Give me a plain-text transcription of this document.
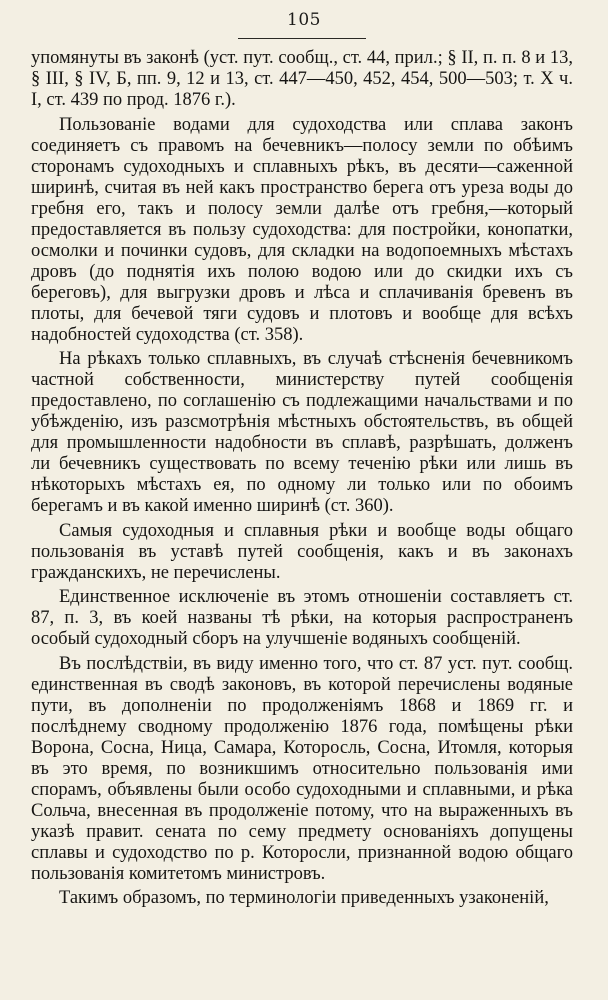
105

упомянуты въ законѣ (уст. пут. сообщ., ст. 44, прил.; § II, п. п. 8 и 13, § III, § IV, Б, пп. 9, 12 и 13, ст. 447—450, 452, 454, 500—503; т. X ч. I, ст. 439 по прод. 1876 г.).

Пользованіе водами для судоходства или сплава законъ соединяетъ съ правомъ на бечевникъ—полосу земли по обѣимъ сторонамъ судоходныхъ и сплавныхъ рѣкъ, въ десяти—саженной ширинѣ, считая въ ней какъ пространство берега отъ уреза воды до гребня его, такъ и полосу земли далѣе отъ гребня,—который предоставляется въ пользу судоходства: для постройки, конопатки, осмолки и починки судовъ, для складки на водопоемныхъ мѣстахъ дровъ (до поднятія ихъ полою водою или до скидки ихъ съ береговъ), для выгрузки дровъ и лѣса и сплачиванія бревенъ въ плоты, для бечевой тяги судовъ и плотовъ и вообще для всѣхъ надобностей судоходства (ст. 358).

На рѣкахъ только сплавныхъ, въ случаѣ стѣсненія бечевникомъ частной собственности, министерству путей сообщенія предоставлено, по соглашенію съ подлежащими начальствами и по убѣжденію, изъ разсмотрѣнія мѣстныхъ обстоятельствъ, въ общей для промышленности надобности въ сплавѣ, разрѣшать, долженъ ли бечевникъ существовать по всему теченію рѣки или лишь въ нѣкоторыхъ мѣстахъ ея, по одному ли только или по обоимъ берегамъ и въ какой именно ширинѣ (ст. 360).

Самыя судоходныя и сплавныя рѣки и вообще воды общаго пользованія въ уставѣ путей сообщенія, какъ и въ законахъ гражданскихъ, не перечислены.

Единственное исключеніе въ этомъ отношеніи составляетъ ст. 87, п. 3, въ коей названы тѣ рѣки, на которыя распространенъ особый судоходный сборъ на улучшеніе водяныхъ сообщеній.

Въ послѣдствіи, въ виду именно того, что ст. 87 уст. пут. сообщ. единственная въ сводѣ законовъ, въ которой перечислены водяные пути, въ дополненіи по продолженіямъ 1868 и 1869 гг. и послѣднему сводному продолженію 1876 года, помѣщены рѣки Ворона, Сосна, Ница, Самара, Которосль, Сосна, Итомля, которыя въ это время, по возникшимъ относительно пользованія ими спорамъ, объявлены были особо судоходными и сплавными, и рѣка Сольча, внесенная въ продолженіе потому, что на выраженныхъ въ указѣ правит. сената по сему предмету основаніяхъ допущены сплавы и судоходство по р. Которосли, признанной водою общаго пользованія комитетомъ министровъ.

Такимъ образомъ, по терминологіи приведенныхъ узаконеній,
